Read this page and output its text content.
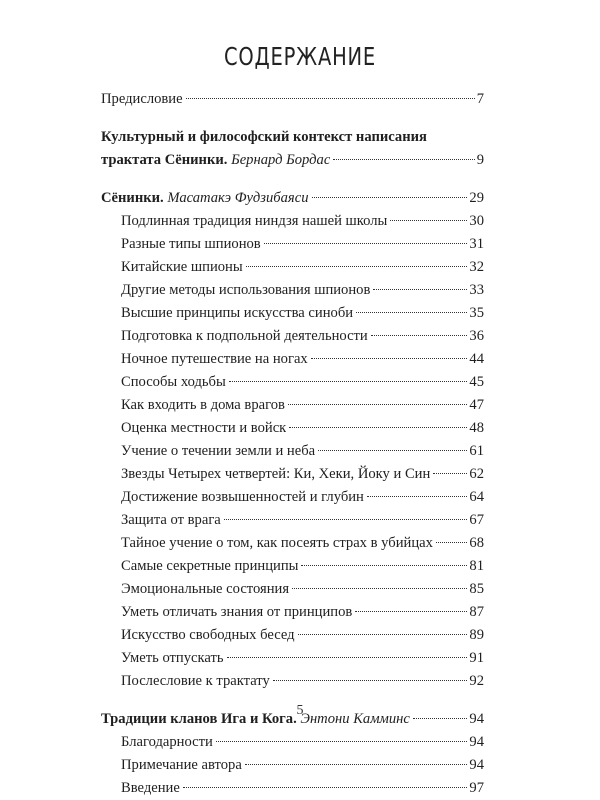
СОДЕРЖАНИЕ
Предисловие	7
Культурный и философский контекст написания
трактата Сёнинки. Бернард Бордас	9
Сёнинки. Масатакэ Фудзибаяси	29
Подлинная традиция ниндзя нашей школы	30
Разные типы шпионов	31
Китайские шпионы	32
Другие методы использования шпионов	33
Высшие принципы искусства синоби	35
Подготовка к подпольной деятельности	36
Ночное путешествие на ногах	44
Способы ходьбы	45
Как входить в дома врагов	47
Оценка местности и войск	48
Учение о течении земли и неба	61
Звезды Четырех четвертей: Ки, Хеки, Йоку и Син	62
Достижение возвышенностей и глубин	64
Защита от врага	67
Тайное учение о том, как посеять страх в убийцах	68
Самые секретные принципы	81
Эмоциональные состояния	85
Уметь отличать знания от принципов	87
Искусство свободных бесед	89
Уметь отпускать	91
Послесловие к трактату	92
Традиции кланов Ига и Кога. Энтони Камминс	94
Благодарности	94
Примечание автора	94
Введение	97
5
